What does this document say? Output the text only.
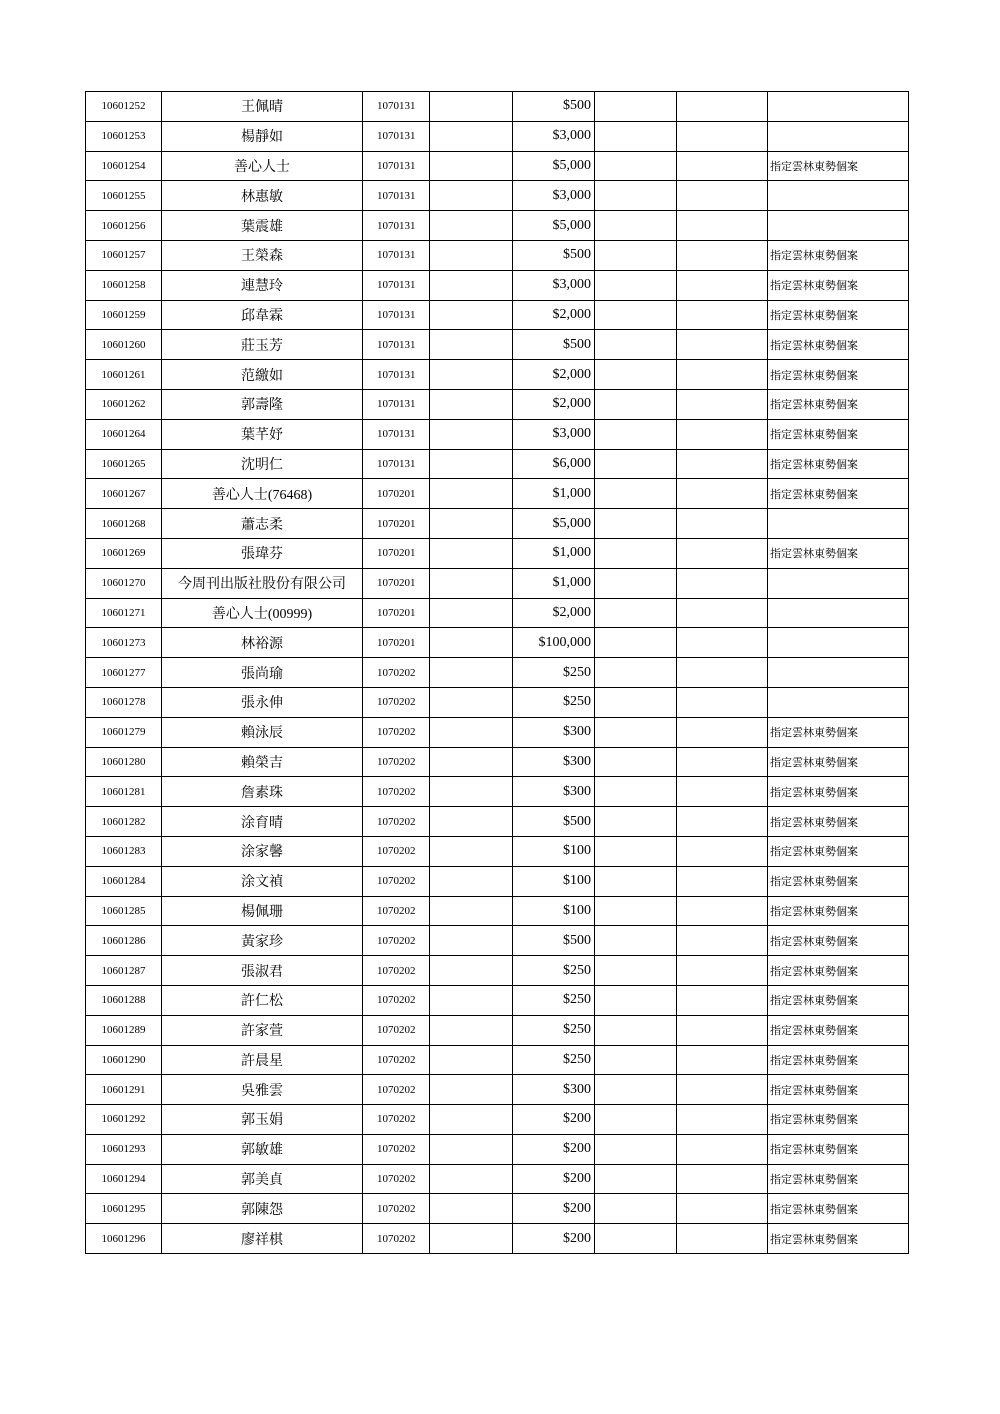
10601252	王佩晴	1070131		$500			
10601253	楊靜如	1070131		$3,000			
10601254	善心人士	1070131		$5,000			指定雲林東勢個案
10601255	林惠敏	1070131		$3,000			
10601256	葉震雄	1070131		$5,000			
10601257	王榮森	1070131		$500			指定雲林東勢個案
10601258	連慧玲	1070131		$3,000			指定雲林東勢個案
10601259	邱韋霖	1070131		$2,000			指定雲林東勢個案
10601260	莊玉芳	1070131		$500			指定雲林東勢個案
10601261	范繳如	1070131		$2,000			指定雲林東勢個案
10601262	郭壽隆	1070131		$2,000			指定雲林東勢個案
10601264	葉芊妤	1070131		$3,000			指定雲林東勢個案
10601265	沈明仁	1070131		$6,000			指定雲林東勢個案
10601267	善心人士(76468)	1070201		$1,000			指定雲林東勢個案
10601268	蕭志柔	1070201		$5,000			
10601269	張瑋芬	1070201		$1,000			指定雲林東勢個案
10601270	今周刊出版社股份有限公司	1070201		$1,000			
10601271	善心人士(00999)	1070201		$2,000			
10601273	林裕源	1070201		$100,000			
10601277	張尚瑜	1070202		$250			
10601278	張永伸	1070202		$250			
10601279	賴泳辰	1070202		$300			指定雲林東勢個案
10601280	賴榮吉	1070202		$300			指定雲林東勢個案
10601281	詹素珠	1070202		$300			指定雲林東勢個案
10601282	涂育晴	1070202		$500			指定雲林東勢個案
10601283	涂家馨	1070202		$100			指定雲林東勢個案
10601284	涂文禎	1070202		$100			指定雲林東勢個案
10601285	楊佩珊	1070202		$100			指定雲林東勢個案
10601286	黃家珍	1070202		$500			指定雲林東勢個案
10601287	張淑君	1070202		$250			指定雲林東勢個案
10601288	許仁松	1070202		$250			指定雲林東勢個案
10601289	許家萱	1070202		$250			指定雲林東勢個案
10601290	許晨星	1070202		$250			指定雲林東勢個案
10601291	吳雅雲	1070202		$300			指定雲林東勢個案
10601292	郭玉娟	1070202		$200			指定雲林東勢個案
10601293	郭敏雄	1070202		$200			指定雲林東勢個案
10601294	郭美貞	1070202		$200			指定雲林東勢個案
10601295	郭陳怨	1070202		$200			指定雲林東勢個案
10601296	廖祥棋	1070202		$200			指定雲林東勢個案
